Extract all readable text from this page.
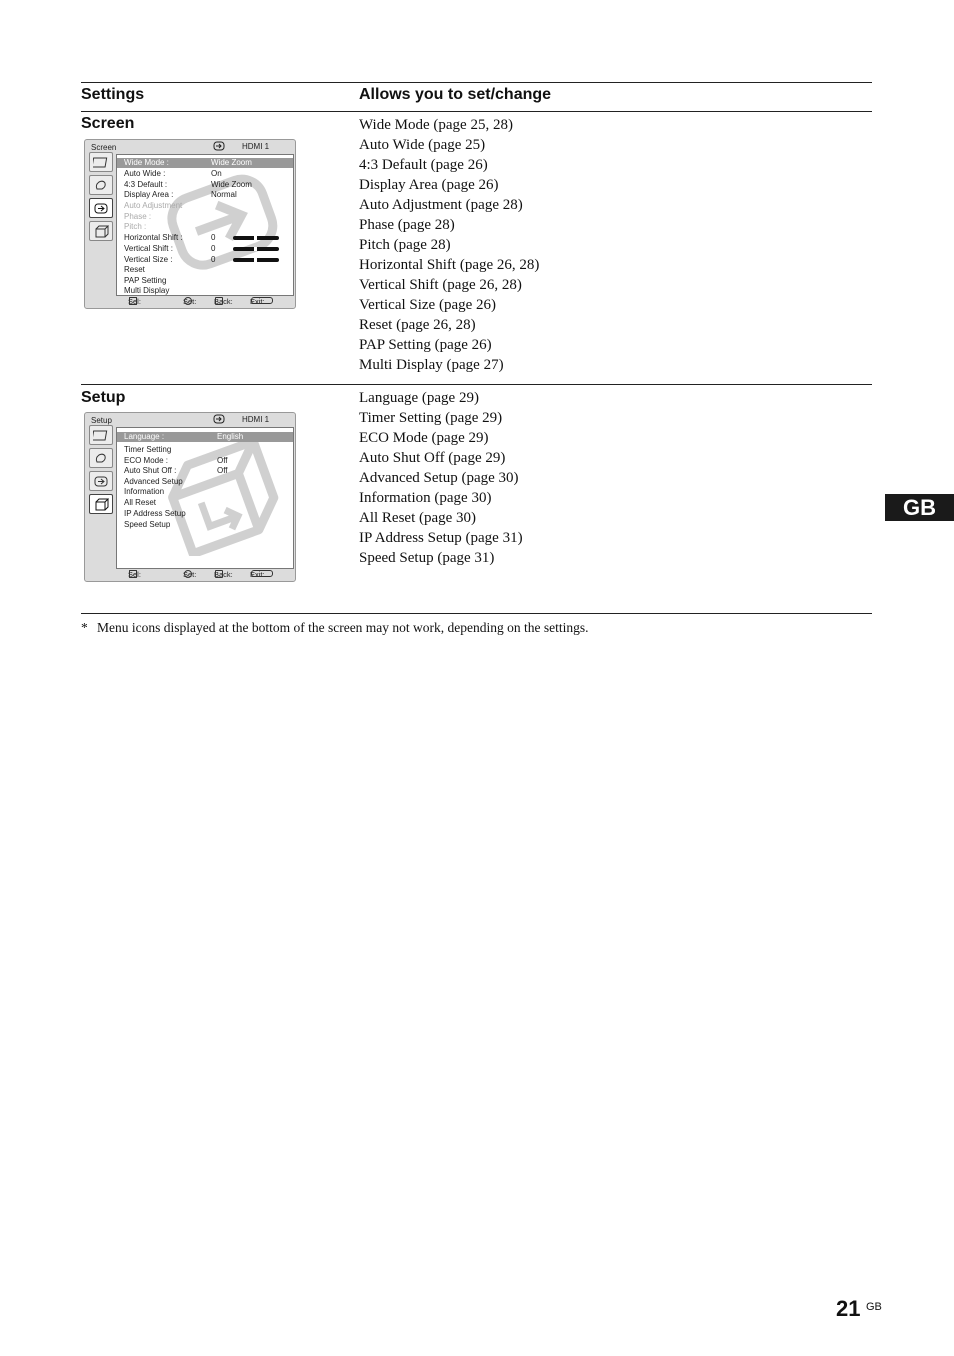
Settings	Allows you to set/change
Screen	Wide Mode (page 25, 28)
Auto Wide (page 25)
4:3 Default (page 26)
Display Area (page 26)
Auto Adjustment (page 28)
Phase (page 28)
Pitch (page 28)
Horizontal Shift (page 26, 28)
Vertical Shift (page 26, 28)
Vertical Size (page 26)
Reset (page 26, 28)
PAP Setting (page 26)
Multi Display (page 27)
Screen	HDMI 1
Wide Mode :	Wide Zoom
Auto Wide :	On
4:3 Default :	Wide Zoom
Display Area :	Normal
Auto Adjustment
Phase :
Pitch :
Horizontal Shift :	0
Vertical Shift :	0
Vertical Size :	0
Reset
PAP Setting
Multi Display
Sel:	Set: Back: Exit:
Setup	Language (page 29)
Timer Setting (page 29)
ECO Mode (page 29)
Auto Shut Off (page 29)
Advanced Setup (page 30)
Information (page 30)
All Reset (page 30)
IP Address Setup (page 31)
Speed Setup (page 31)
Setup	HDMI 1
Language :	English
Timer Setting
ECO Mode :	Off
Auto Shut Off :	Off
Advanced Setup
Information
All Reset
IP Address Setup
Speed Setup
Sel:	Set: Back: Exit:
* Menu icons displayed at the bottom of the screen may not work, depending on the settings.
GB
21 GB
